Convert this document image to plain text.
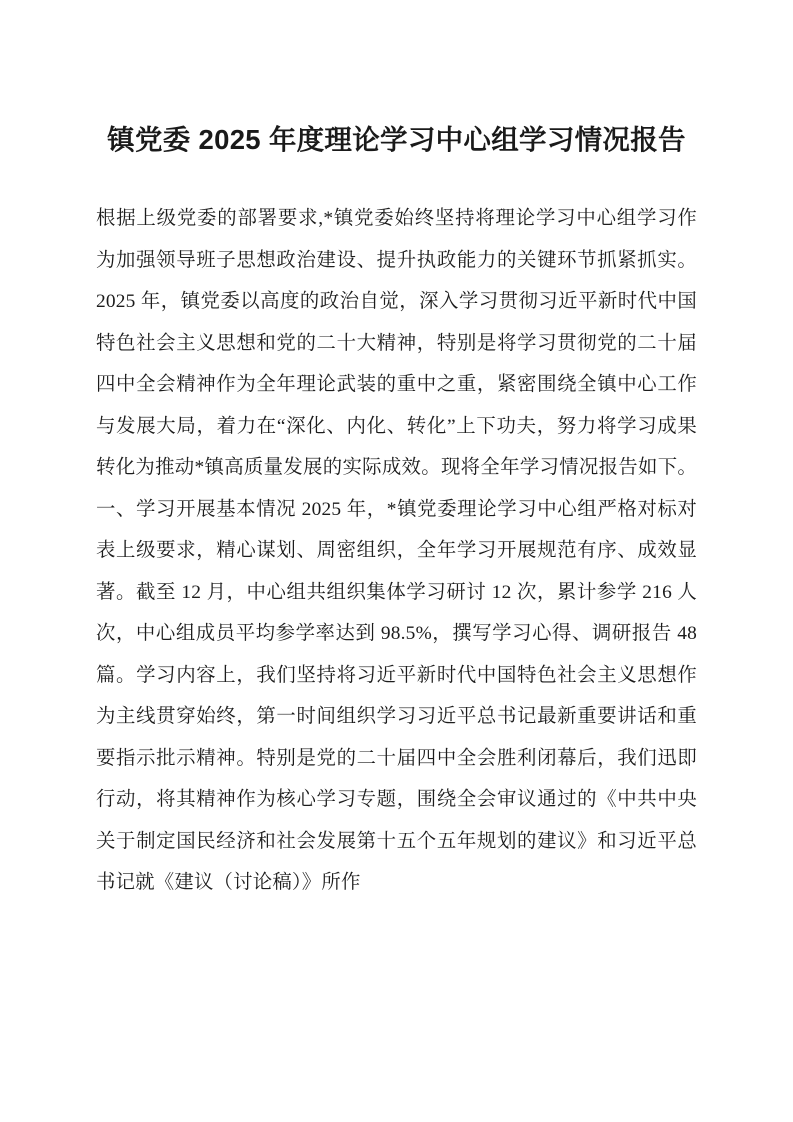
镇党委 2025 年度理论学习中心组学习情况报告

根据上级党委的部署要求,*镇党委始终坚持将理论学习中心组学习作为加强领导班子思想政治建设、提升执政能力的关键环节抓紧抓实。2025 年，镇党委以高度的政治自觉，深入学习贯彻习近平新时代中国特色社会主义思想和党的二十大精神，特别是将学习贯彻党的二十届四中全会精神作为全年理论武装的重中之重，紧密围绕全镇中心工作与发展大局，着力在“深化、内化、转化”上下功夫，努力将学习成果转化为推动*镇高质量发展的实际成效。现将全年学习情况报告如下。 一、学习开展基本情况 2025 年，*镇党委理论学习中心组严格对标对表上级要求，精心谋划、周密组织，全年学习开展规范有序、成效显著。截至 12 月，中心组共组织集体学习研讨 12 次，累计参学 216 人次，中心组成员平均参学率达到 98.5%，撰写学习心得、调研报告 48 篇。学习内容上，我们坚持将习近平新时代中国特色社会主义思想作为主线贯穿始终，第一时间组织学习习近平总书记最新重要讲话和重要指示批示精神。特别是党的二十届四中全会胜利闭幕后，我们迅即行动，将其精神作为核心学习专题，围绕全会审议通过的《中共中央关于制定国民经济和社会发展第十五个五年规划的建议》和习近平总书记就《建议（讨论稿）》所作
